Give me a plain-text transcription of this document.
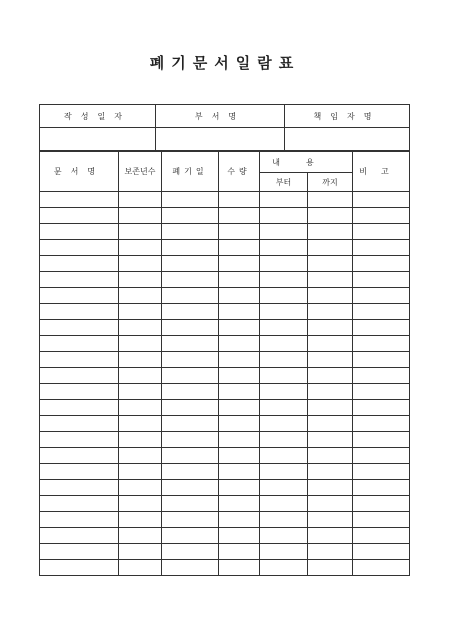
폐기문서일람표
작성일자	부서명	책임자명

문서명	보존년수	폐기일	수량	내용		비고
				부터	까지	
